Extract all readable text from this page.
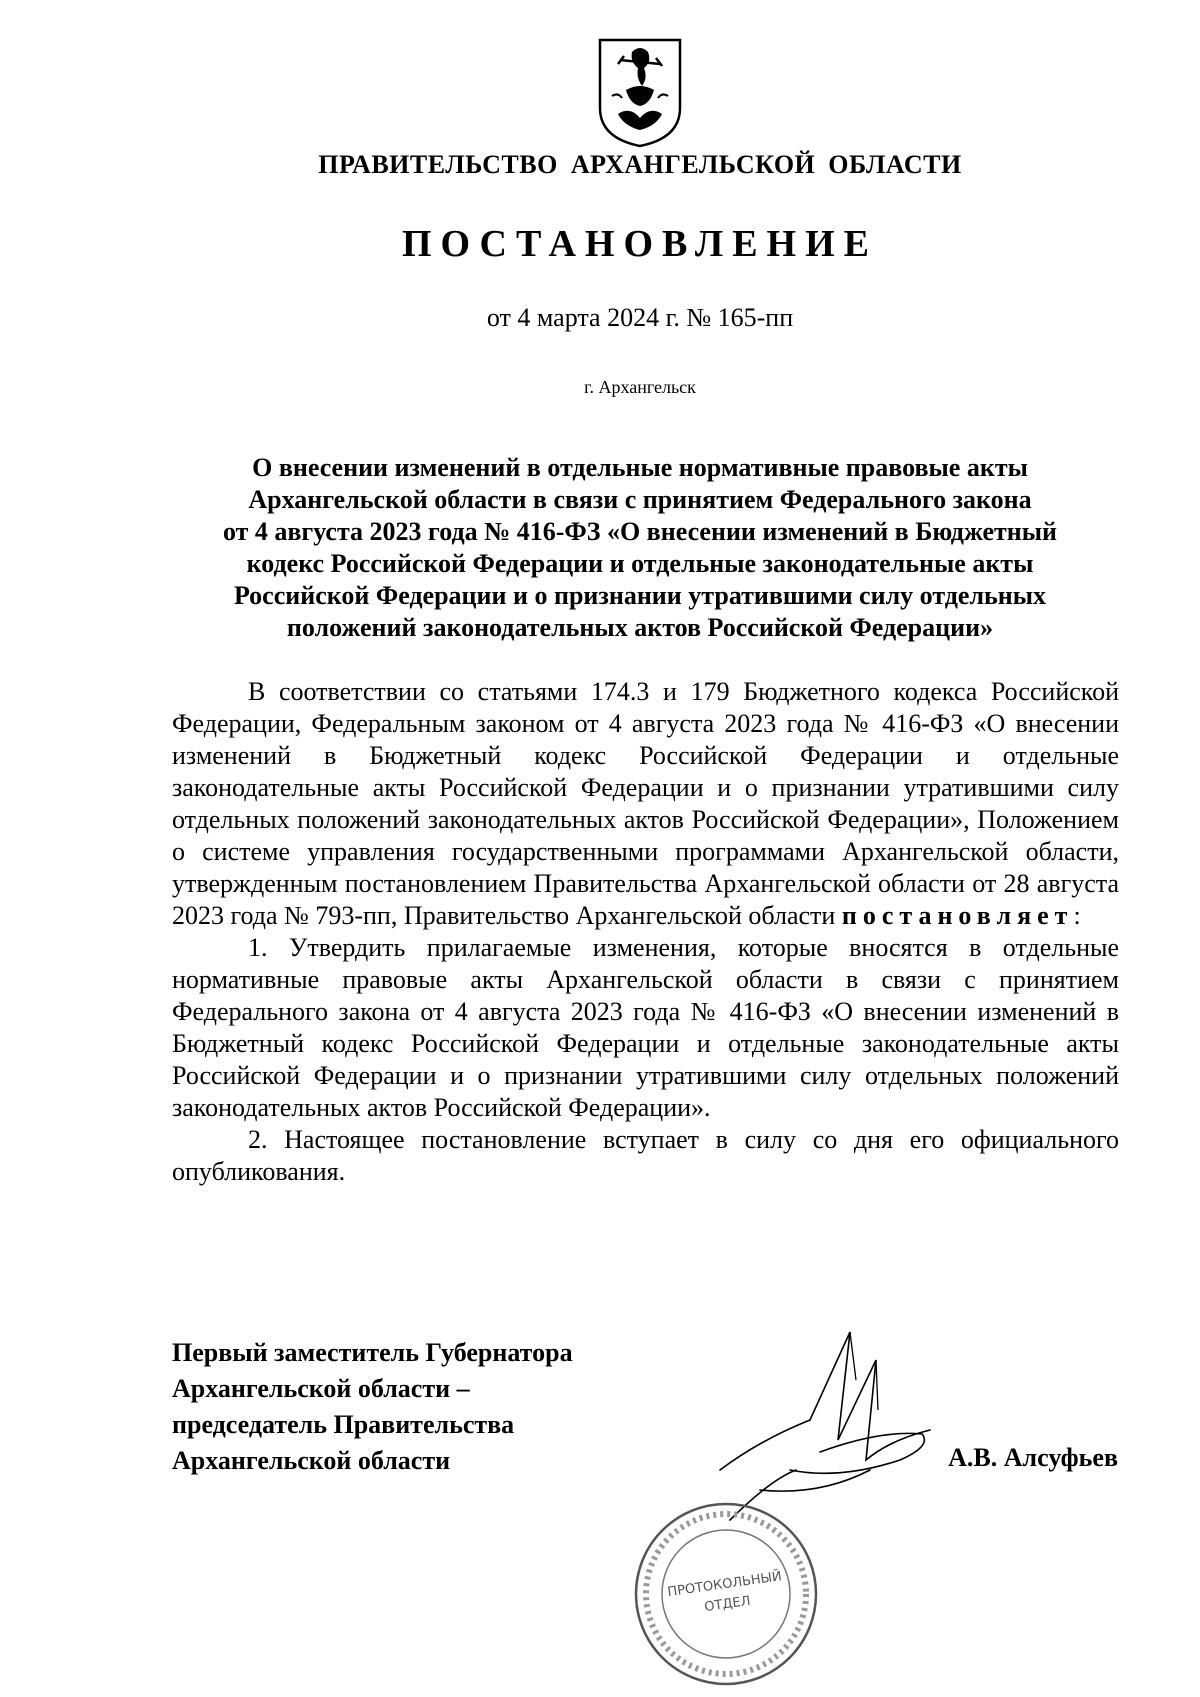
ПРАВИТЕЛЬСТВО АРХАНГЕЛЬСКОЙ ОБЛАСТИ
ПОСТАНОВЛЕНИЕ
от 4 марта 2024 г. № 165-пп
г. Архангельск
О внесении изменений в отдельные нормативные правовые акты
Архангельской области в связи с принятием Федерального закона
от 4 августа 2023 года № 416-ФЗ «О внесении изменений в Бюджетный
кодекс Российской Федерации и отдельные законодательные акты
Российской Федерации и о признании утратившими силу отдельных
положений законодательных актов Российской Федерации»

В соответствии со статьями 174.3 и 179 Бюджетного кодекса Российской Федерации, Федеральным законом от 4 августа 2023 года № 416-ФЗ «О внесении изменений в Бюджетный кодекс Российской Федерации и отдельные законодательные акты Российской Федерации и о признании утратившими силу отдельных положений законодательных актов Российской Федерации», Положением о системе управления государственными программами Архангельской области, утвержденным постановлением Правительства Архангельской области от 28 августа 2023 года № 793-пп, Правительство Архангельской области постановляет:

1. Утвердить прилагаемые изменения, которые вносятся в отдельные нормативные правовые акты Архангельской области в связи с принятием Федерального закона от 4 августа 2023 года № 416-ФЗ «О внесении изменений в Бюджетный кодекс Российской Федерации и отдельные законодательные акты Российской Федерации и о признании утратившими силу отдельных положений законодательных актов Российской Федерации».

2. Настоящее постановление вступает в силу со дня его официального опубликования.

Первый заместитель Губернатора
Архангельской области –
председатель Правительства
Архангельской области	А.В. Алсуфьев
ПРОТОКОЛЬНЫЙ
ОТДЕЛ
